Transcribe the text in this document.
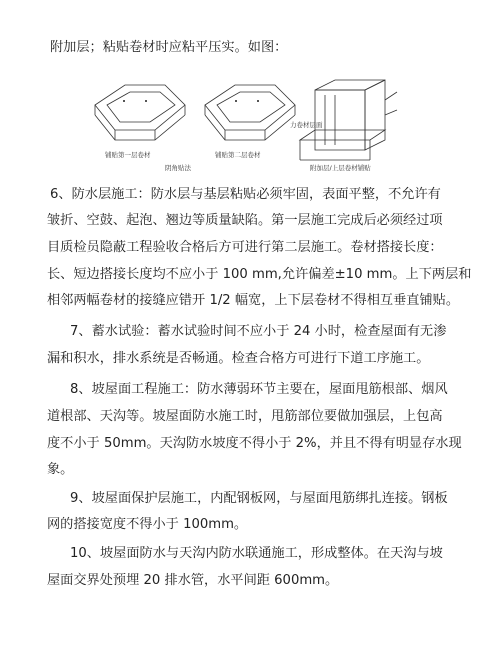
附加层；粘贴卷材时应粘平压实。如图：
铺贴第一层卷材	铺贴第二层卷材
附加层/上层卷材铺贴
阴角贴法
力卷材层面

6、防水层施工：防水层与基层粘贴必须牢固，表面平整，不允许有

皱折、空鼓、起泡、翘边等质量缺陷。第一层施工完成后必须经过项

目质检员隐蔽工程验收合格后方可进行第二层施工。卷材搭接长度：

长、短边搭接长度均不应小于 100 mm,允许偏差±10 mm。上下两层和

相邻两幅卷材的接缝应错开 1/2 幅宽，上下层卷材不得相互垂直铺贴。

7、蓄水试验：蓄水试验时间不应小于 24 小时，检查屋面有无渗

漏和积水，排水系统是否畅通。检查合格方可进行下道工序施工。

8、坡屋面工程施工：防水薄弱环节主要在，屋面甩筋根部、烟风

道根部、天沟等。坡屋面防水施工时，甩筋部位要做加强层，上包高

度不小于 50mm。天沟防水坡度不得小于 2%，并且不得有明显存水现

象。

9、坡屋面保护层施工，内配钢板网，与屋面甩筋绑扎连接。钢板

网的搭接宽度不得小于 100mm。

10、坡屋面防水与天沟内防水联通施工，形成整体。在天沟与坡

屋面交界处预埋 20 排水管，水平间距 600mm。
